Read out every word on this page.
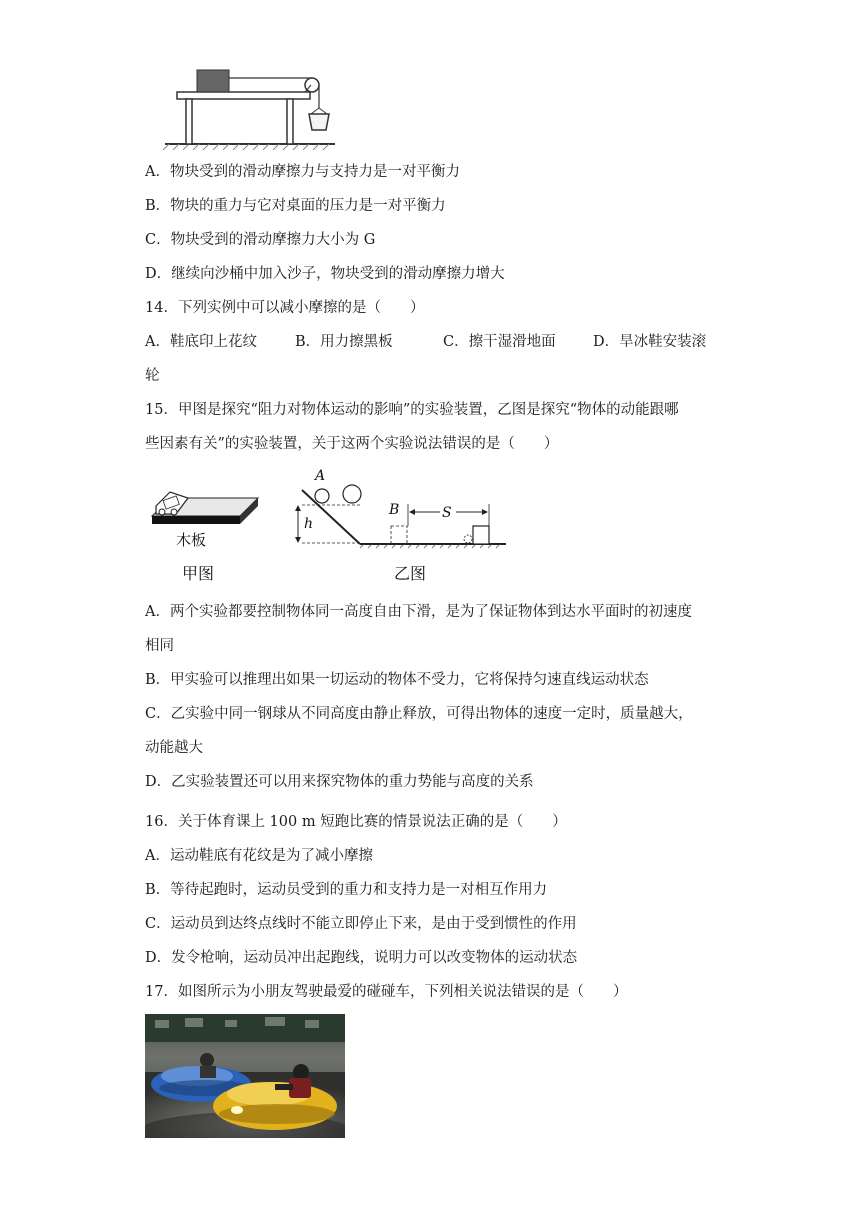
A．物块受到的滑动摩擦力与支持力是一对平衡力
B．物块的重力与它对桌面的压力是一对平衡力
C．物块受到的滑动摩擦力大小为 G
D．继续向沙桶中加入沙子，物块受到的滑动摩擦力增大
14．下列实例中可以减小摩擦的是（　　）
A．鞋底印上花纹	B．用力擦黑板	C．擦干湿滑地面	D．旱冰鞋安装滚
轮
15．甲图是探究“阻力对物体运动的影响”的实验装置，乙图是探究“物体的动能跟哪
些因素有关”的实验装置，关于这两个实验说法错误的是（　　）
木板
甲图
h
A
B	S
乙图
A．两个实验都要控制物体同一高度自由下滑，是为了保证物体到达水平面时的初速度
相同
B．甲实验可以推理出如果一切运动的物体不受力，它将保持匀速直线运动状态
C．乙实验中同一钢球从不同高度由静止释放，可得出物体的速度一定时，质量越大，
动能越大
D．乙实验装置还可以用来探究物体的重力势能与高度的关系
16．关于体育课上 100 m 短跑比赛的情景说法正确的是（　　）
A．运动鞋底有花纹是为了减小摩擦
B．等待起跑时，运动员受到的重力和支持力是一对相互作用力
C．运动员到达终点线时不能立即停止下来，是由于受到惯性的作用
D．发令枪响，运动员冲出起跑线，说明力可以改变物体的运动状态
17．如图所示为小朋友驾驶最爱的碰碰车，下列相关说法错误的是（　　）
